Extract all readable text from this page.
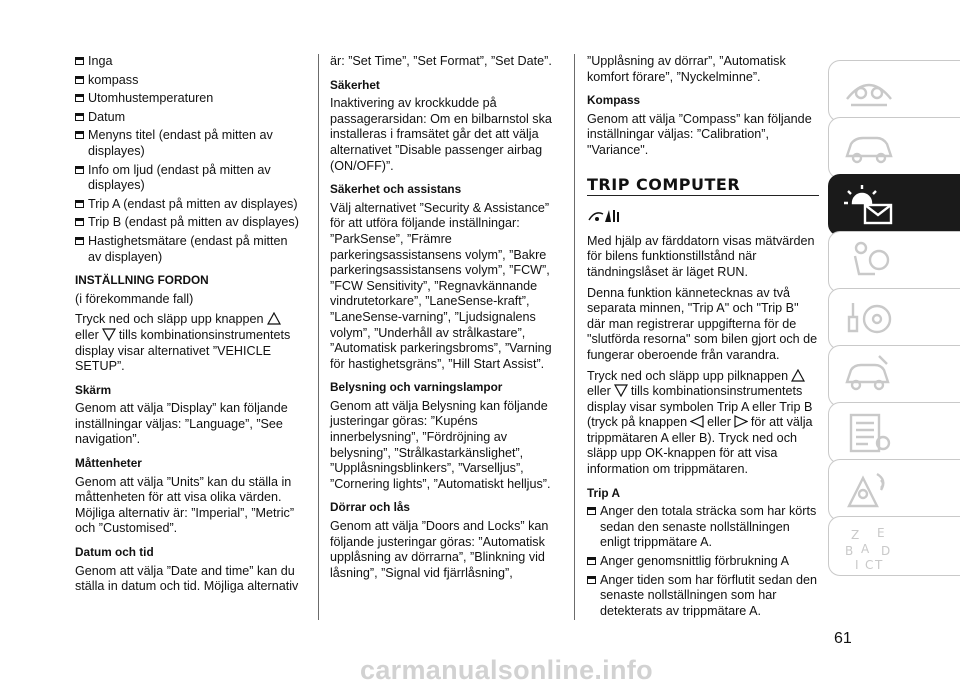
Inga
kompass
Utomhustemperaturen
Datum
Menyns titel (endast på mitten av displayes)
Info om ljud (endast på mitten av displayes)
Trip A (endast på mitten av displayes)
Trip B (endast på mitten av displayes)
Hastighetsmätare (endast på mitten av displayen)
INSTÄLLNING FORDON

(i förekommande fall)

Tryck ned och släpp upp knappen
eller tills kombinationsinstrumentets display visar alternativet ”VEHICLE SETUP”.

Skärm

Genom att välja ”Display” kan följande inställningar väljas: ”Language”, ”See navigation”.

Måttenheter

Genom att välja ”Units” kan du ställa in måttenheten för att visa olika värden. Möjliga alternativ är: ”Imperial”, ”Metric” och ”Customised”.

Datum och tid

Genom att välja ”Date and time” kan du ställa in datum och tid. Möjliga alternativ

är: ”Set Time”, ”Set Format”, ”Set Date”.

Säkerhet

Inaktivering av krockkudde på passagerarsidan: Om en bilbarnstol ska installeras i framsätet går det att välja alternativet ”Disable passenger airbag (ON/OFF)”.

Säkerhet och assistans

Välj alternativet ”Security & Assistance” för att utföra följande inställningar: ”ParkSense”, ”Främre parkeringsassistansens volym”, ”Bakre parkeringsassistansens volym”, ”FCW”, ”FCW Sensitivity”, ”Regnavkännande vindrutetorkare”, ”LaneSense-kraft”, ”LaneSense-varning”, ”Ljudsignalens volym”, ”Underhåll av strålkastare”, ”Automatisk parkeringsbroms”, ”Varning för hastighetsgräns”, ”Hill Start Assist”.

Belysning och varningslampor

Genom att välja Belysning kan följande justeringar göras: ”Kupéns innerbelysning”, ”Fördröjning av belysning”, ”Strålkastarkänslighet”, ”Upplåsningsblinkers”, ”Varselljus”, ”Cornering lights”, ”Automatiskt helljus”.

Dörrar och lås

Genom att välja ”Doors and Locks” kan följande justeringar göras: ”Automatisk upplåsning av dörrarna”, ”Blinkning vid låsning”, ”Signal vid fjärrlåsning”,

”Upplåsning av dörrar”, ”Automatisk komfort förare”, ”Nyckelminne”.

Kompass

Genom att välja ”Compass” kan följande inställningar väljas: ”Calibration”, "Variance".

TRIP COMPUTER

Med hjälp av färddatorn visas mätvärden för bilens funktionstillstånd när tändningslåset är läget RUN.

Denna funktion kännetecknas av två separata minnen, "Trip A" och "Trip B" där man registrerar uppgifterna för de "slutförda resorna" som bilen gjort och de fungerar oberoende från varandra.

Tryck ned och släpp upp pilknappen
eller tills kombinationsinstrumentets display visar symbolen Trip A eller Trip B (tryck på knappen eller för att välja trippmätaren A eller B). Tryck ned och släpp upp OK-knappen för att visa information om trippmätaren.

Trip A
Anger den totala sträcka som har körts sedan den senaste nollställningen enligt trippmätare A.
Anger genomsnittlig förbrukning A
Anger tiden som har förflutit sedan den senaste nollställningen som har detekterats av trippmätare A.
Z E
B A D
I C T
61
carmanualsonline.info
